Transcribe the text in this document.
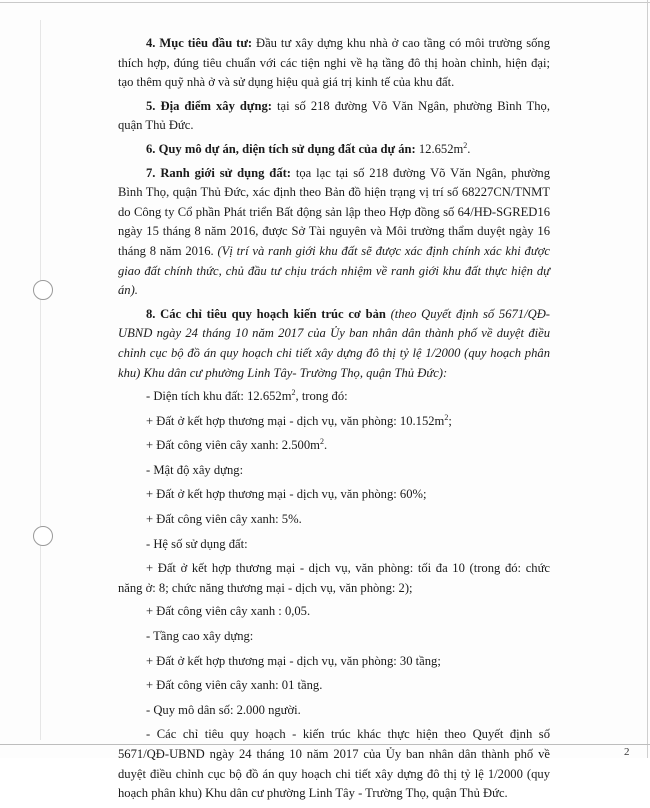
4. Mục tiêu đầu tư: Đầu tư xây dựng khu nhà ở cao tầng có môi trường sống thích hợp, đúng tiêu chuẩn với các tiện nghi về hạ tầng đô thị hoàn chỉnh, hiện đại; tạo thêm quỹ nhà ở và sử dụng hiệu quả giá trị kinh tế của khu đất.

5. Địa điểm xây dựng: tại số 218 đường Võ Văn Ngân, phường Bình Thọ, quận Thủ Đức.

6. Quy mô dự án, diện tích sử dụng đất của dự án: $12.652m^2$.

7. Ranh giới sử dụng đất: tọa lạc tại số 218 đường Võ Văn Ngân, phường Bình Thọ, quận Thủ Đức, xác định theo Bản đồ hiện trạng vị trí số 68227CN/TNMT do Công ty Cổ phần Phát triển Bất động sản lập theo Hợp đồng số 64/HĐ-SGRED16 ngày 15 tháng 8 năm 2016, được Sở Tài nguyên và Môi trường thẩm duyệt ngày 16 tháng 8 năm 2016. (Vị trí và ranh giới khu đất sẽ được xác định chính xác khi được giao đất chính thức, chủ đầu tư chịu trách nhiệm về ranh giới khu đất thực hiện dự án).

8. Các chỉ tiêu quy hoạch kiến trúc cơ bản (theo Quyết định số 5671/QĐ-UBND ngày 24 tháng 10 năm 2017 của Ủy ban nhân dân thành phố về duyệt điều chỉnh cục bộ đồ án quy hoạch chi tiết xây dựng đô thị tỷ lệ 1/2000 (quy hoạch phân khu) Khu dân cư phường Linh Tây- Trường Thọ, quận Thủ Đức):

- Diện tích khu đất: $12.652m^2$, trong đó:

+ Đất ở kết hợp thương mại - dịch vụ, văn phòng: $10.152m^2$;

+ Đất công viên cây xanh: $2.500m^2$.

- Mật độ xây dựng:

+ Đất ở kết hợp thương mại - dịch vụ, văn phòng: 60%;

+ Đất công viên cây xanh: 5%.

- Hệ số sử dụng đất:

+ Đất ở kết hợp thương mại - dịch vụ, văn phòng: tối đa 10 (trong đó: chức năng ở: 8; chức năng thương mại - dịch vụ, văn phòng: 2);

+ Đất công viên cây xanh : 0,05.

- Tầng cao xây dựng:

+ Đất ở kết hợp thương mại - dịch vụ, văn phòng: 30 tầng;

+ Đất công viên cây xanh: 01 tầng.

- Quy mô dân số: 2.000 người.

- Các chỉ tiêu quy hoạch - kiến trúc khác thực hiện theo Quyết định số 5671/QĐ-UBND ngày 24 tháng 10 năm 2017 của Ủy ban nhân dân thành phố về duyệt điều chỉnh cục bộ đồ án quy hoạch chi tiết xây dựng đô thị tỷ lệ 1/2000 (quy hoạch phân khu) Khu dân cư phường Linh Tây - Trường Thọ, quận Thủ Đức.

2
